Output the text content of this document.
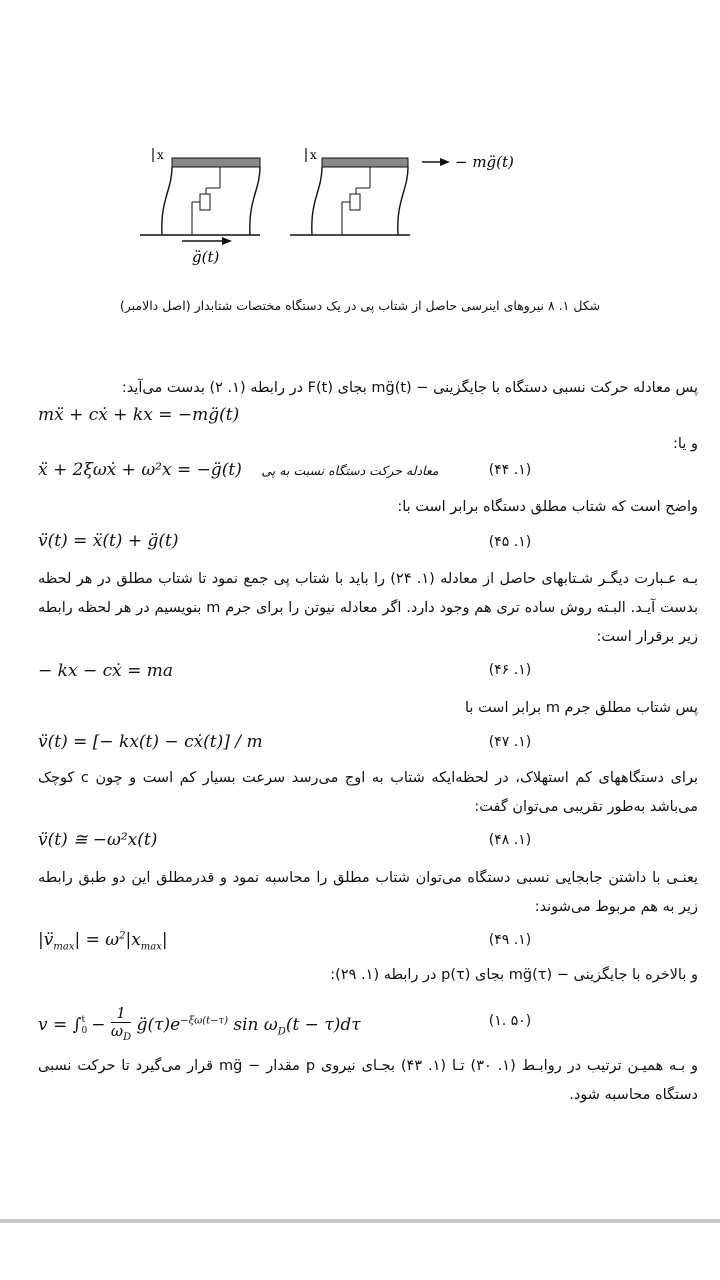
x	x
g̈(t)
− mg̈(t)
شکل ۱. ۸ نیروهای اینرسی حاصل از شتاب پی در یک دستگاه مختصات شتابدار (اصل دالامبر)
پس معادله حرکت نسبی دستگاه با جایگزینی − mg̈(t) بجای F(t) در رابطه (۱. ۲) بدست می‌آید:
mẍ + cẋ + kx = −mg̈(t)
و یا:
ẍ + 2ξωẋ + ω²x = −g̈(t)	معادله حرکت دستگاه نسبت به پی	(۱. ۴۴)
واضح است که شتاب مطلق دستگاه برابر است با:
v̈(t) = ẍ(t) + g̈(t)	(۱. ۴۵)
بـه عـبارت دیگـر شـتابهای حاصل از معادله (۱. ۲۴) را باید با شتاب پی جمع نمود تا شتاب مطلق در هر لحظه بدست آیـد. البـته روش ساده تری هم وجود دارد. اگر معادله نیوتن را برای جرم m بنویسیم در هر لحظه رابطه زیر برقرار است:
− kx − cẋ = ma	(۱. ۴۶)
پس شتاب مطلق جرم m برابر است با
v̈(t) = [− kx(t) − cẋ(t)] / m	(۱. ۴۷)
برای دستگاههای کم استهلاک، در لحظه‌ایکه شتاب به اوج می‌رسد سرعت بسیار کم است و چون c کوچک می‌باشد به‌طور تقریبی می‌توان گفت:
v̈(t) ≅ −ω²x(t)	(۱. ۴۸)
یعنـی با داشتن جابجایی نسبی دستگاه می‌توان شتاب مطلق را محاسبه نمود و قدرمطلق این دو طبق رابطه زیر به هم مربوط می‌شوند:
$|v̈_{max}| = \omega^2|x_{max}|$	(۱. ۴۹)
و بالاخره با جایگزینی − mg̈(τ) بجای p(τ) در رابطه (۱. ۲۹):
v = ∫ t
$0 - \frac{1}{\omega_D}$ $g̈(\tau)e^{-\xi\omega(t-\tau)}$ $\sin \omega_D(t - \tau)d\tau$	(۵۰ .۱)
و بـه همیـن ترتیب در روابـط (۱. ۳۰) تـا (۱. ۴۳) بجـای نیروی p مقدار − mg̈ قرار می‌گیرد تا حرکت نسبی دستگاه محاسبه شود.
